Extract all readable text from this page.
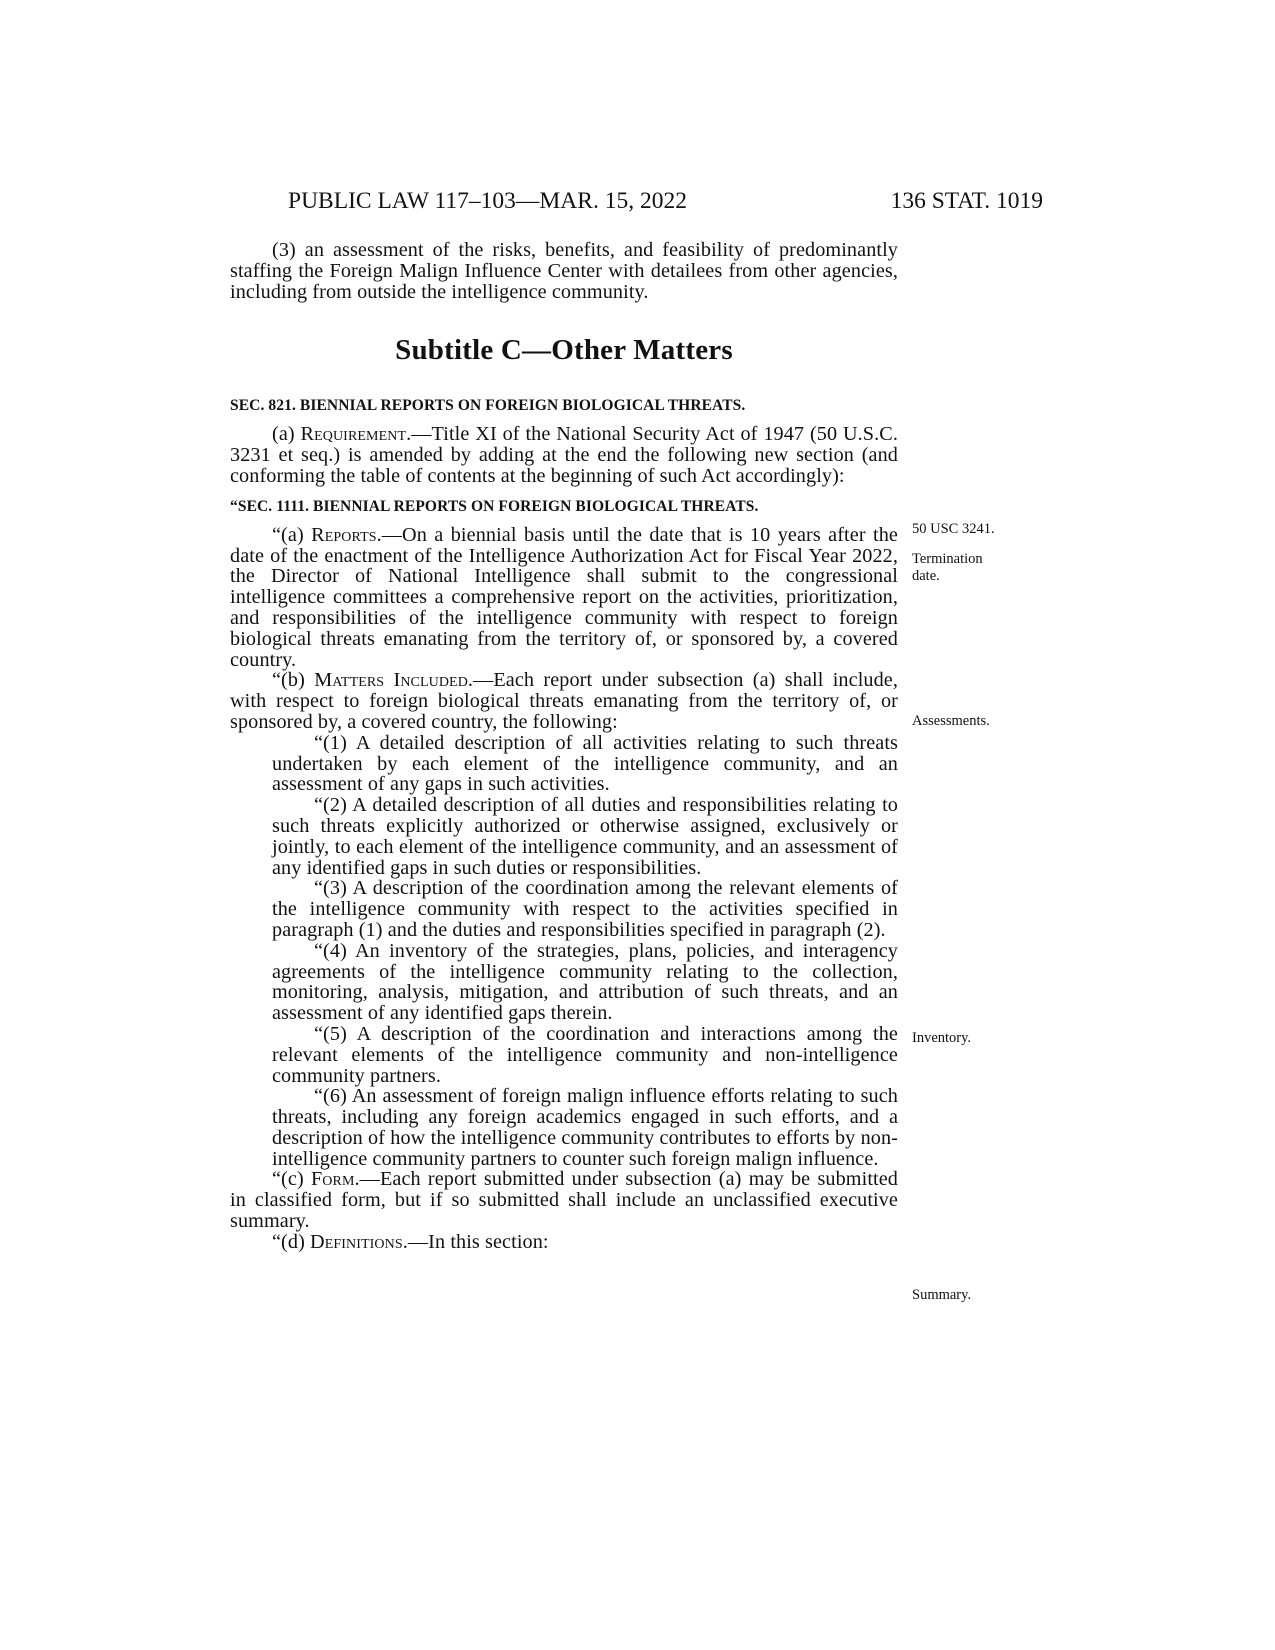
PUBLIC LAW 117–103—MAR. 15, 2022	136 STAT. 1019

(3) an assessment of the risks, benefits, and feasibility of predominantly staffing the Foreign Malign Influence Center with detailees from other agencies, including from outside the intelligence community.

Subtitle C—Other Matters
SEC. 821. BIENNIAL REPORTS ON FOREIGN BIOLOGICAL THREATS.

(a) Requirement.—Title XI of the National Security Act of 1947 (50 U.S.C. 3231 et seq.) is amended by adding at the end the following new section (and conforming the table of contents at the beginning of such Act accordingly):

“SEC. 1111. BIENNIAL REPORTS ON FOREIGN BIOLOGICAL THREATS.

“(a) Reports.—On a biennial basis until the date that is 10 years after the date of the enactment of the Intelligence Authorization Act for Fiscal Year 2022, the Director of National Intelligence shall submit to the congressional intelligence committees a comprehensive report on the activities, prioritization, and responsibilities of the intelligence community with respect to foreign biological threats emanating from the territory of, or sponsored by, a covered country.

“(b) Matters Included.—Each report under subsection (a) shall include, with respect to foreign biological threats emanating from the territory of, or sponsored by, a covered country, the following:

“(1) A detailed description of all activities relating to such threats undertaken by each element of the intelligence community, and an assessment of any gaps in such activities.

“(2) A detailed description of all duties and responsibilities relating to such threats explicitly authorized or otherwise assigned, exclusively or jointly, to each element of the intelligence community, and an assessment of any identified gaps in such duties or responsibilities.

“(3) A description of the coordination among the relevant elements of the intelligence community with respect to the activities specified in paragraph (1) and the duties and responsibilities specified in paragraph (2).

“(4) An inventory of the strategies, plans, policies, and interagency agreements of the intelligence community relating to the collection, monitoring, analysis, mitigation, and attribution of such threats, and an assessment of any identified gaps therein.

“(5) A description of the coordination and interactions among the relevant elements of the intelligence community and non-intelligence community partners.

“(6) An assessment of foreign malign influence efforts relating to such threats, including any foreign academics engaged in such efforts, and a description of how the intelligence community contributes to efforts by non-intelligence community partners to counter such foreign malign influence.

“(c) Form.—Each report submitted under subsection (a) may be submitted in classified form, but if so submitted shall include an unclassified executive summary.

“(d) Definitions.—In this section:

50 USC 3241.
Termination
date.
Assessments.
Inventory.
Summary.
